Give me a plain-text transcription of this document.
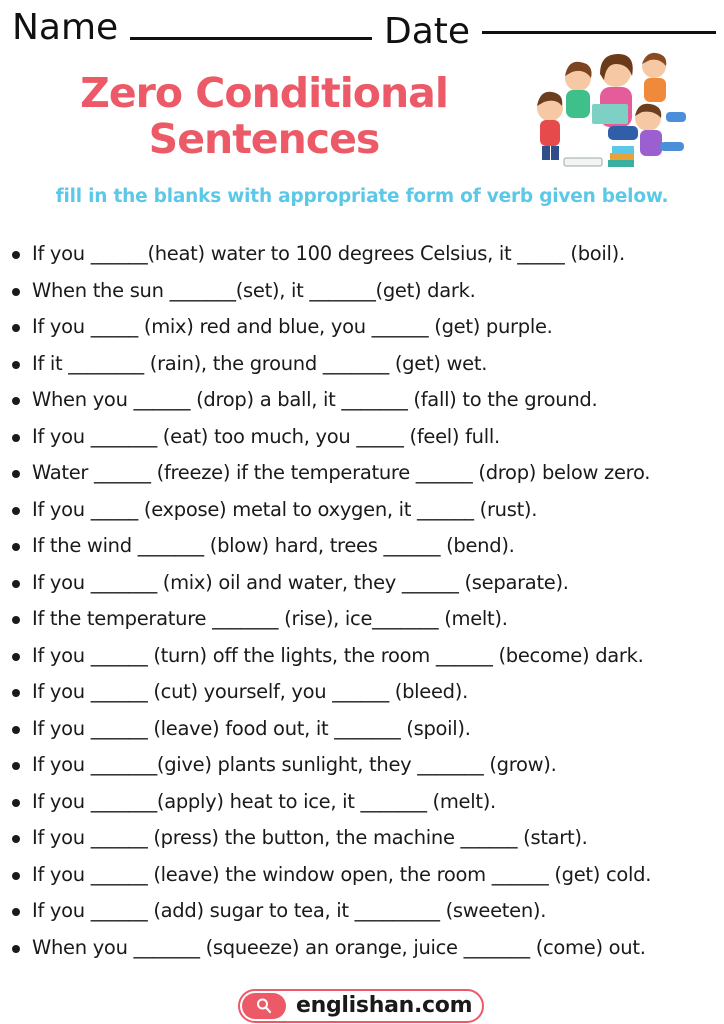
Name	Date
Zero Conditional
Sentences
fill in the blanks with appropriate form of verb given below.
If you ______(heat) water to 100 degrees Celsius, it _____ (boil).
When the sun _______(set), it _______(get) dark.
If you _____ (mix) red and blue, you ______ (get) purple.
If it ________ (rain), the ground _______ (get) wet.
When you ______ (drop) a ball, it _______ (fall) to the ground.
If you _______ (eat) too much, you _____ (feel) full.
Water ______ (freeze) if the temperature ______ (drop) below zero.
If you _____ (expose) metal to oxygen, it ______ (rust).
If the wind _______ (blow) hard, trees ______ (bend).
If you _______ (mix) oil and water, they ______ (separate).
If the temperature _______ (rise), ice_______ (melt).
If you ______ (turn) off the lights, the room ______ (become) dark.
If you ______ (cut) yourself, you ______ (bleed).
If you ______ (leave) food out, it _______ (spoil).
If you _______(give) plants sunlight, they _______ (grow).
If you _______(apply) heat to ice, it _______ (melt).
If you ______ (press) the button, the machine ______ (start).
If you ______ (leave) the window open, the room ______ (get) cold.
If you ______ (add) sugar to tea, it _________ (sweeten).
When you _______ (squeeze) an orange, juice _______ (come) out.
englishan.com
